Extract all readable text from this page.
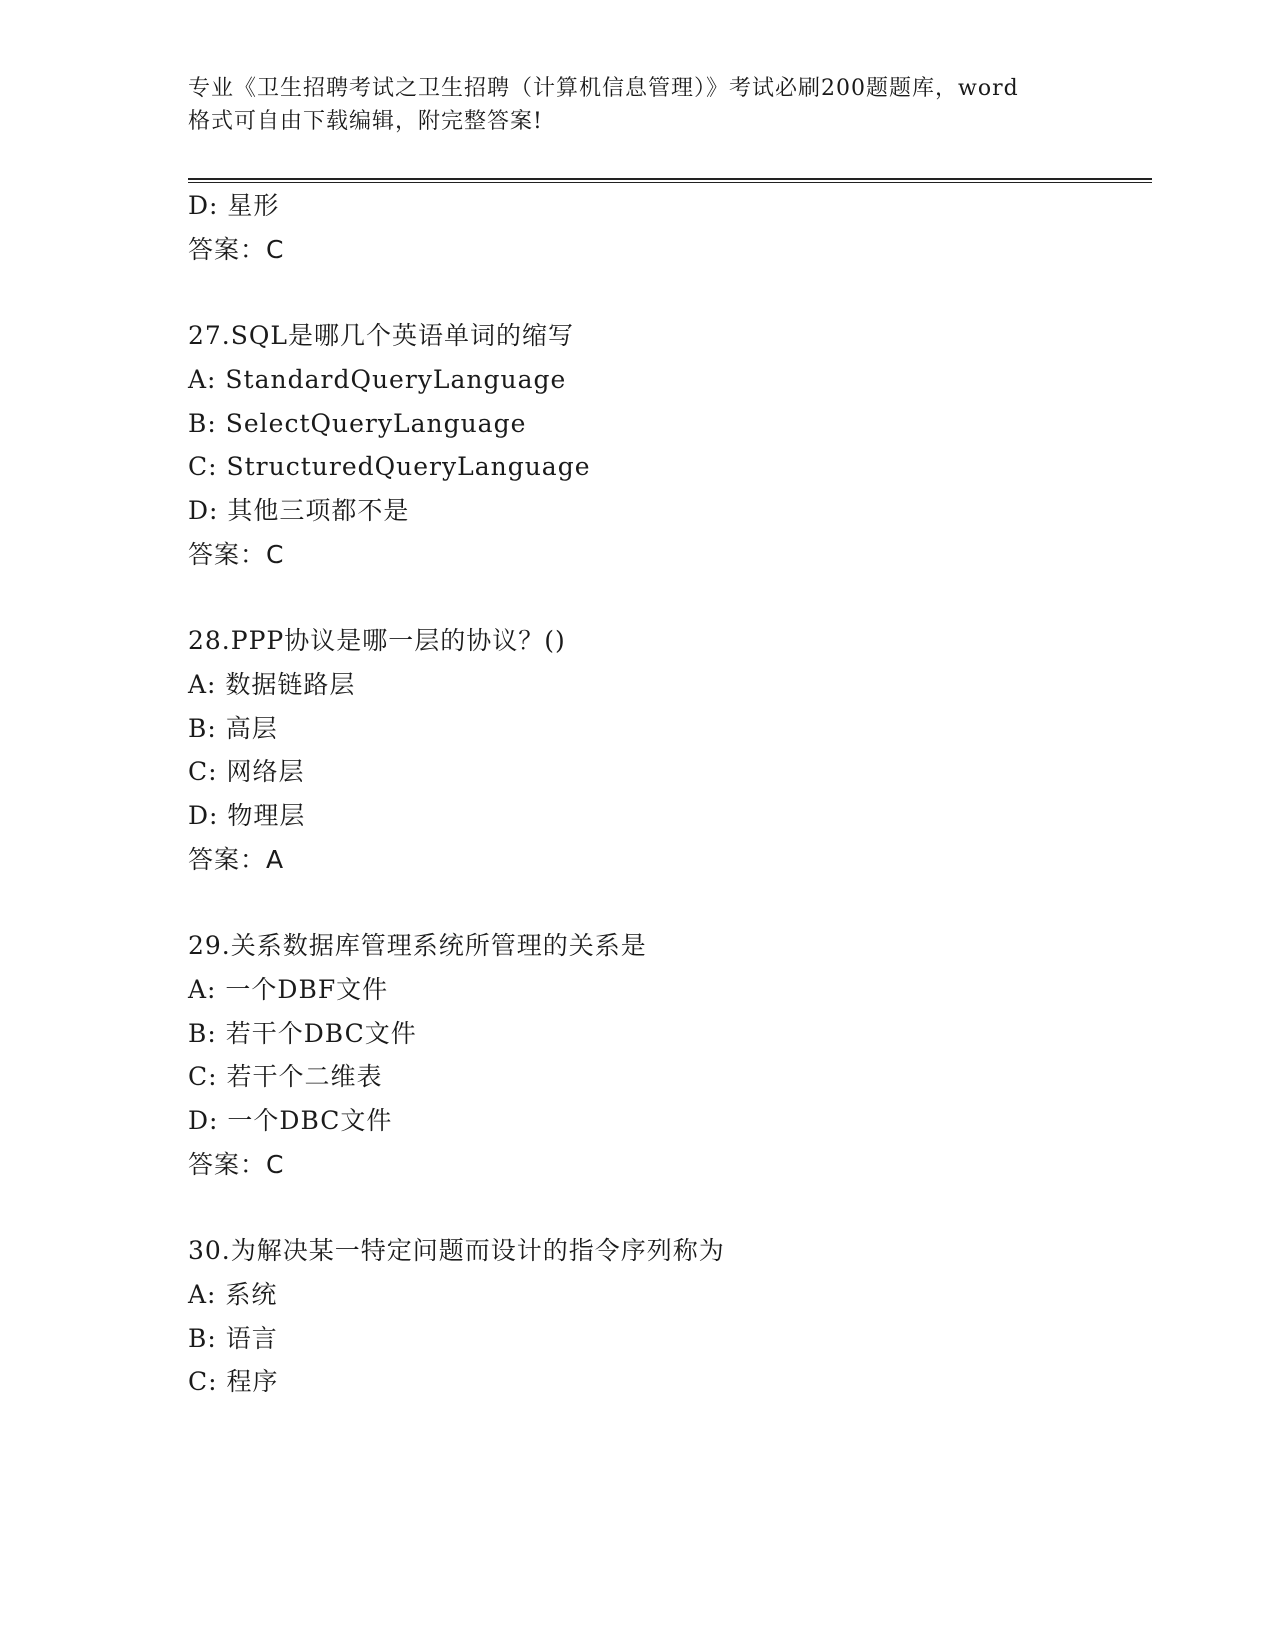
专业《卫生招聘考试之卫生招聘（计算机信息管理）》考试必刷200题题库，word
格式可自由下载编辑，附完整答案!
D: 星形
答案：C
27.SQL是哪几个英语单词的缩写
A: StandardQueryLanguage
B: SelectQueryLanguage
C: StructuredQueryLanguage
D: 其他三项都不是
答案：C
28.PPP协议是哪一层的协议？()
A: 数据链路层
B: 高层
C: 网络层
D: 物理层
答案：A
29.关系数据库管理系统所管理的关系是
A: 一个DBF文件
B: 若干个DBC文件
C: 若干个二维表
D: 一个DBC文件
答案：C
30.为解决某一特定问题而设计的指令序列称为
A: 系统
B: 语言
C: 程序
